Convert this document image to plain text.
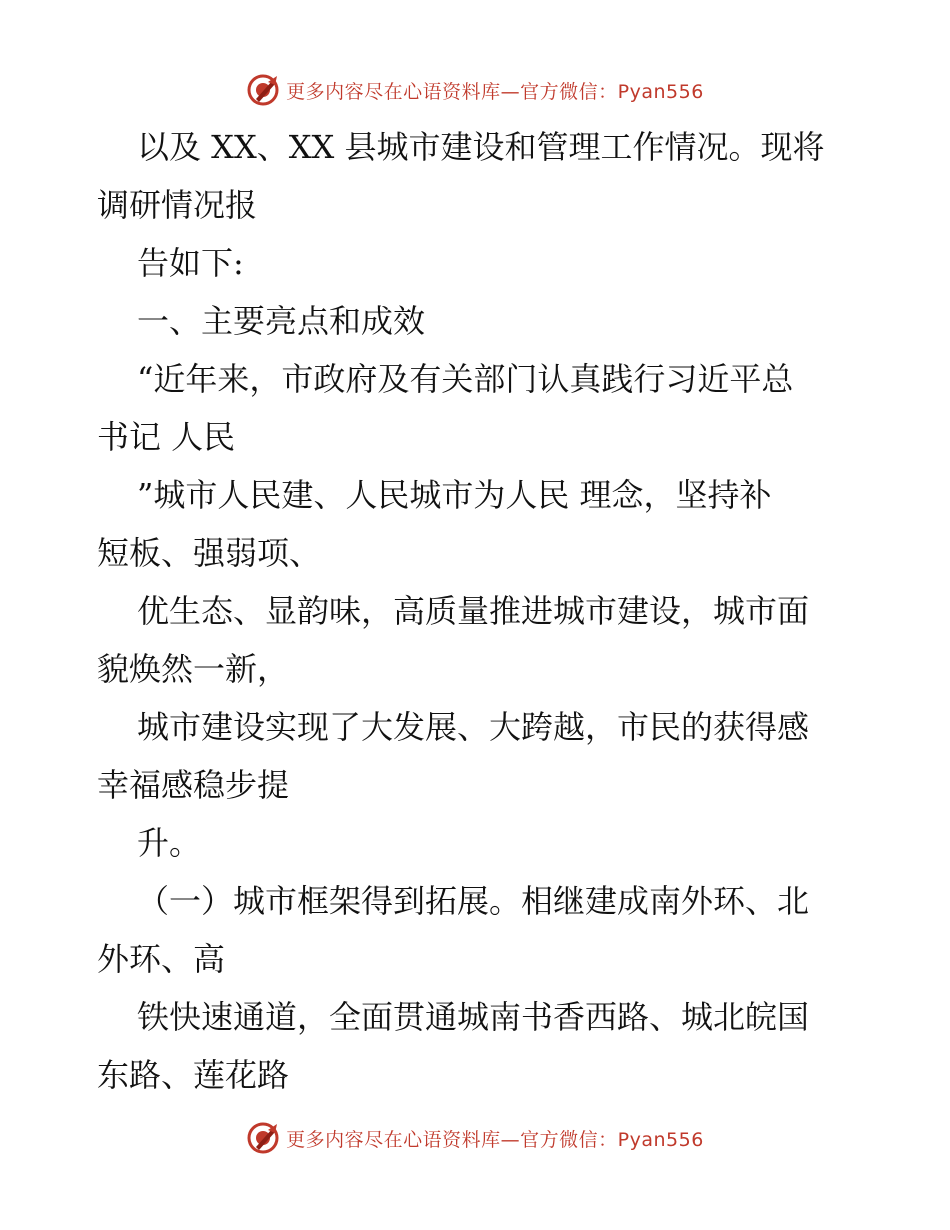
更多内容尽在心语资料库—官方微信：Pyan556

以及 XX、XX 县城市建设和管理工作情况。现将

调研情况报

告如下:

一、主要亮点和成效

“近年来，市政府及有关部门认真践行习近平总

书记 人民

”城市人民建、人民城市为人民 理念，坚持补

短板、强弱项、

优生态、显韵味，高质量推进城市建设，城市面

貌焕然一新，

城市建设实现了大发展、大跨越，市民的获得感

幸福感稳步提

升。

（一）城市框架得到拓展。相继建成南外环、北

外环、高

铁快速通道，全面贯通城南书香西路、城北皖国

东路、莲花路

更多内容尽在心语资料库—官方微信：Pyan556
